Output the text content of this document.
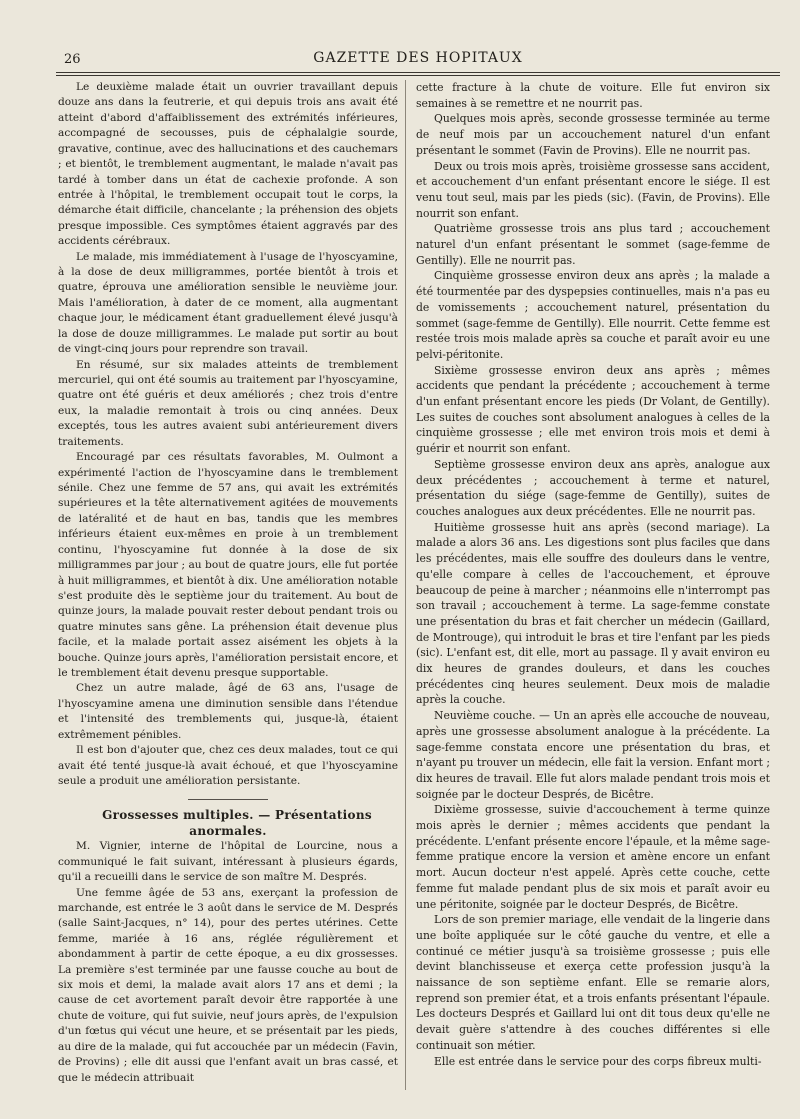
26	GAZETTE DES HOPITAUX

Le deuxième malade était un ouvrier travaillant depuis douze ans dans la feutrerie, et qui depuis trois ans avait été atteint d'abord d'affaiblissement des extrémités inférieures, accompagné de secousses, puis de céphalalgie sourde, gravative, continue, avec des hallucinations et des cauchemars ; et bientôt, le tremblement augmentant, le malade n'avait pas tardé à tomber dans un état de cachexie profonde. A son entrée à l'hôpital, le tremblement occupait tout le corps, la démarche était difficile, chancelante ; la préhension des objets presque impossible. Ces symptômes étaient aggravés par des accidents cérébraux.

Le malade, mis immédiatement à l'usage de l'hyoscyamine, à la dose de deux milligrammes, portée bientôt à trois et quatre, éprouva une amélioration sensible le neuvième jour. Mais l'amélioration, à dater de ce moment, alla augmentant chaque jour, le médicament étant graduellement élevé jusqu'à la dose de douze milligrammes. Le malade put sortir au bout de vingt-cinq jours pour reprendre son travail.

En résumé, sur six malades atteints de tremblement mercuriel, qui ont été soumis au traitement par l'hyoscyamine, quatre ont été guéris et deux améliorés ; chez trois d'entre eux, la maladie remontait à trois ou cinq années. Deux exceptés, tous les autres avaient subi antérieurement divers traitements.

Encouragé par ces résultats favorables, M. Oulmont a expérimenté l'action de l'hyoscyamine dans le tremblement sénile. Chez une femme de 57 ans, qui avait les extrémités supérieures et la tête alternativement agitées de mouvements de latéralité et de haut en bas, tandis que les membres inférieurs étaient eux-mêmes en proie à un tremblement continu, l'hyoscyamine fut donnée à la dose de six milligrammes par jour ; au bout de quatre jours, elle fut portée à huit milligrammes, et bientôt à dix. Une amélioration notable s'est produite dès le septième jour du traitement. Au bout de quinze jours, la malade pouvait rester debout pendant trois ou quatre minutes sans gêne. La préhension était devenue plus facile, et la malade portait assez aisément les objets à la bouche. Quinze jours après, l'amélioration persistait encore, et le tremblement était devenu presque supportable.

Chez un autre malade, âgé de 63 ans, l'usage de l'hyoscyamine amena une diminution sensible dans l'étendue et l'intensité des tremblements qui, jusque-là, étaient extrêmement pénibles.

Il est bon d'ajouter que, chez ces deux malades, tout ce qui avait été tenté jusque-là avait échoué, et que l'hyoscyamine seule a produit une amélioration persistante.

Grossesses multiples. — Présentations anormales.

M. Vignier, interne de l'hôpital de Lourcine, nous a communiqué le fait suivant, intéressant à plusieurs égards, qu'il a recueilli dans le service de son maître M. Després.

Une femme âgée de 53 ans, exerçant la profession de marchande, est entrée le 3 août dans le service de M. Després (salle Saint-Jacques, n° 14), pour des pertes utérines. Cette femme, mariée à 16 ans, réglée régulièrement et abondamment à partir de cette époque, a eu dix grossesses. La première s'est terminée par une fausse couche au bout de six mois et demi, la malade avait alors 17 ans et demi ; la cause de cet avortement paraît devoir être rapportée à une chute de voiture, qui fut suivie, neuf jours après, de l'expulsion d'un fœtus qui vécut une heure, et se présentait par les pieds, au dire de la malade, qui fut accouchée par un médecin (Favin, de Provins) ; elle dit aussi que l'enfant avait un bras cassé, et que le médecin attribuait

cette fracture à la chute de voiture. Elle fut environ six semaines à se remettre et ne nourrit pas.

Quelques mois après, seconde grossesse terminée au terme de neuf mois par un accouchement naturel d'un enfant présentant le sommet (Favin de Provins). Elle ne nourrit pas.

Deux ou trois mois après, troisième grossesse sans accident, et accouchement d'un enfant présentant encore le siége. Il est venu tout seul, mais par les pieds (sic). (Favin, de Provins). Elle nourrit son enfant.

Quatrième grossesse trois ans plus tard ; accouchement naturel d'un enfant présentant le sommet (sage-femme de Gentilly). Elle ne nourrit pas.

Cinquième grossesse environ deux ans après ; la malade a été tourmentée par des dyspepsies continuelles, mais n'a pas eu de vomissements ; accouchement naturel, présentation du sommet (sage-femme de Gentilly). Elle nourrit. Cette femme est restée trois mois malade après sa couche et paraît avoir eu une pelvi-péritonite.

Sixième grossesse environ deux ans après ; mêmes accidents que pendant la précédente ; accouchement à terme d'un enfant présentant encore les pieds (Dr Volant, de Gentilly). Les suites de couches sont absolument analogues à celles de la cinquième grossesse ; elle met environ trois mois et demi à guérir et nourrit son enfant.

Septième grossesse environ deux ans après, analogue aux deux précédentes ; accouchement à terme et naturel, présentation du siége (sage-femme de Gentilly), suites de couches analogues aux deux précédentes. Elle ne nourrit pas.

Huitième grossesse huit ans après (second mariage). La malade a alors 36 ans. Les digestions sont plus faciles que dans les précédentes, mais elle souffre des douleurs dans le ventre, qu'elle compare à celles de l'accouchement, et éprouve beaucoup de peine à marcher ; néanmoins elle n'interrompt pas son travail ; accouchement à terme. La sage-femme constate une présentation du bras et fait chercher un médecin (Gaillard, de Montrouge), qui introduit le bras et tire l'enfant par les pieds (sic). L'enfant est, dit elle, mort au passage. Il y avait environ eu dix heures de grandes douleurs, et dans les couches précédentes cinq heures seulement. Deux mois de maladie après la couche.

Neuvième couche. — Un an après elle accouche de nouveau, après une grossesse absolument analogue à la précédente. La sage-femme constata encore une présentation du bras, et n'ayant pu trouver un médecin, elle fait la version. Enfant mort ; dix heures de travail. Elle fut alors malade pendant trois mois et soignée par le docteur Després, de Bicêtre.

Dixième grossesse, suivie d'accouchement à terme quinze mois après le dernier ; mêmes accidents que pendant la précédente. L'enfant présente encore l'épaule, et la même sage-femme pratique encore la version et amène encore un enfant mort. Aucun docteur n'est appelé. Après cette couche, cette femme fut malade pendant plus de six mois et paraît avoir eu une péritonite, soignée par le docteur Després, de Bicêtre.

Lors de son premier mariage, elle vendait de la lingerie dans une boîte appliquée sur le côté gauche du ventre, et elle a continué ce métier jusqu'à sa troisième grossesse ; puis elle devint blanchisseuse et exerça cette profession jusqu'à la naissance de son septième enfant. Elle se remarie alors, reprend son premier état, et a trois enfants présentant l'épaule. Les docteurs Després et Gaillard lui ont dit tous deux qu'elle ne devait guère s'attendre à des couches différentes si elle continuait son métier.

Elle est entrée dans le service pour des corps fibreux multi-
